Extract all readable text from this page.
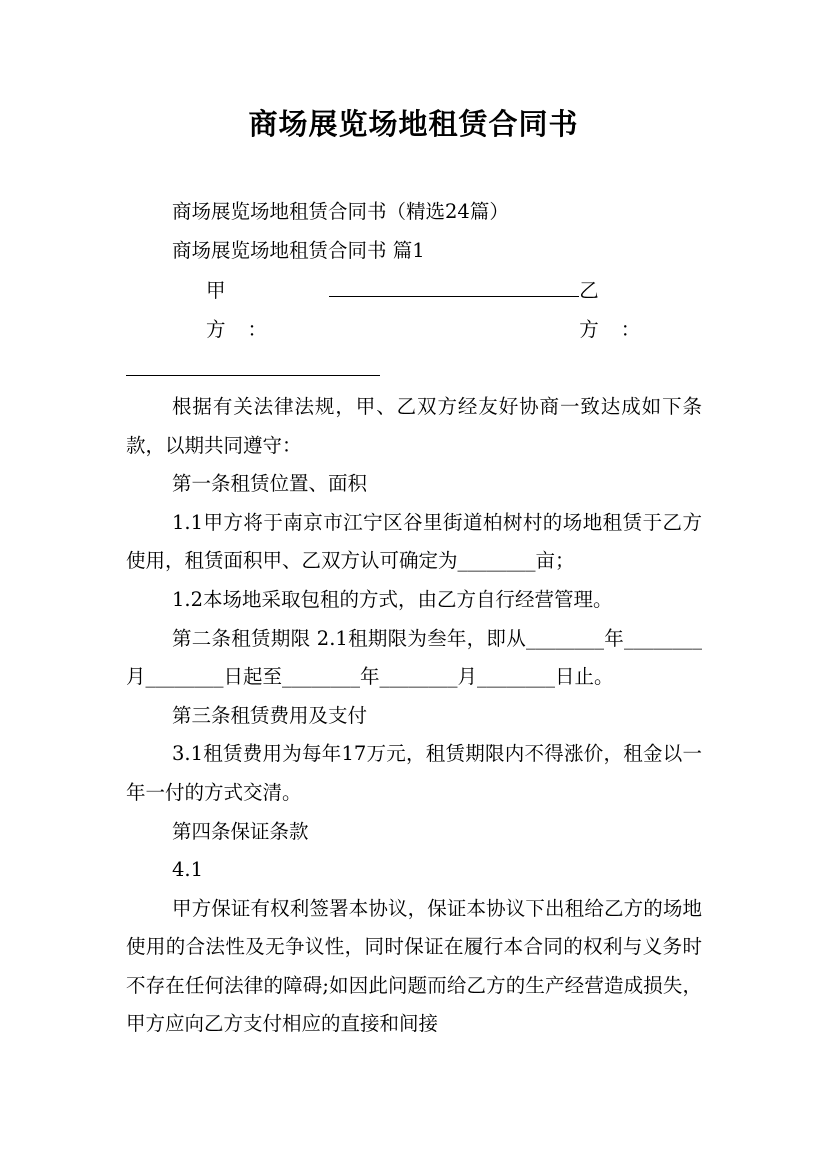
商场展览场地租赁合同书

商场展览场地租赁合同书（精选24篇）

商场展览场地租赁合同书 篇1

甲方：
乙方：

根据有关法律法规，甲、乙双方经友好协商一致达成如下条款，以期共同遵守：

第一条租赁位置、面积

1.1甲方将于南京市江宁区谷里街道柏树村的场地租赁于乙方使用，租赁面积甲、乙双方认可确定为________亩；

1.2本场地采取包租的方式，由乙方自行经营管理。

第二条租赁期限 2.1租期限为叁年，即从________年________月________日起至________年________月________日止。

第三条租赁费用及支付

3.1租赁费用为每年17万元，租赁期限内不得涨价，租金以一年一付的方式交清。

第四条保证条款

4.1

甲方保证有权利签署本协议，保证本协议下出租给乙方的场地使用的合法性及无争议性，同时保证在履行本合同的权利与义务时不存在任何法律的障碍;如因此问题而给乙方的生产经营造成损失，甲方应向乙方支付相应的直接和间接
